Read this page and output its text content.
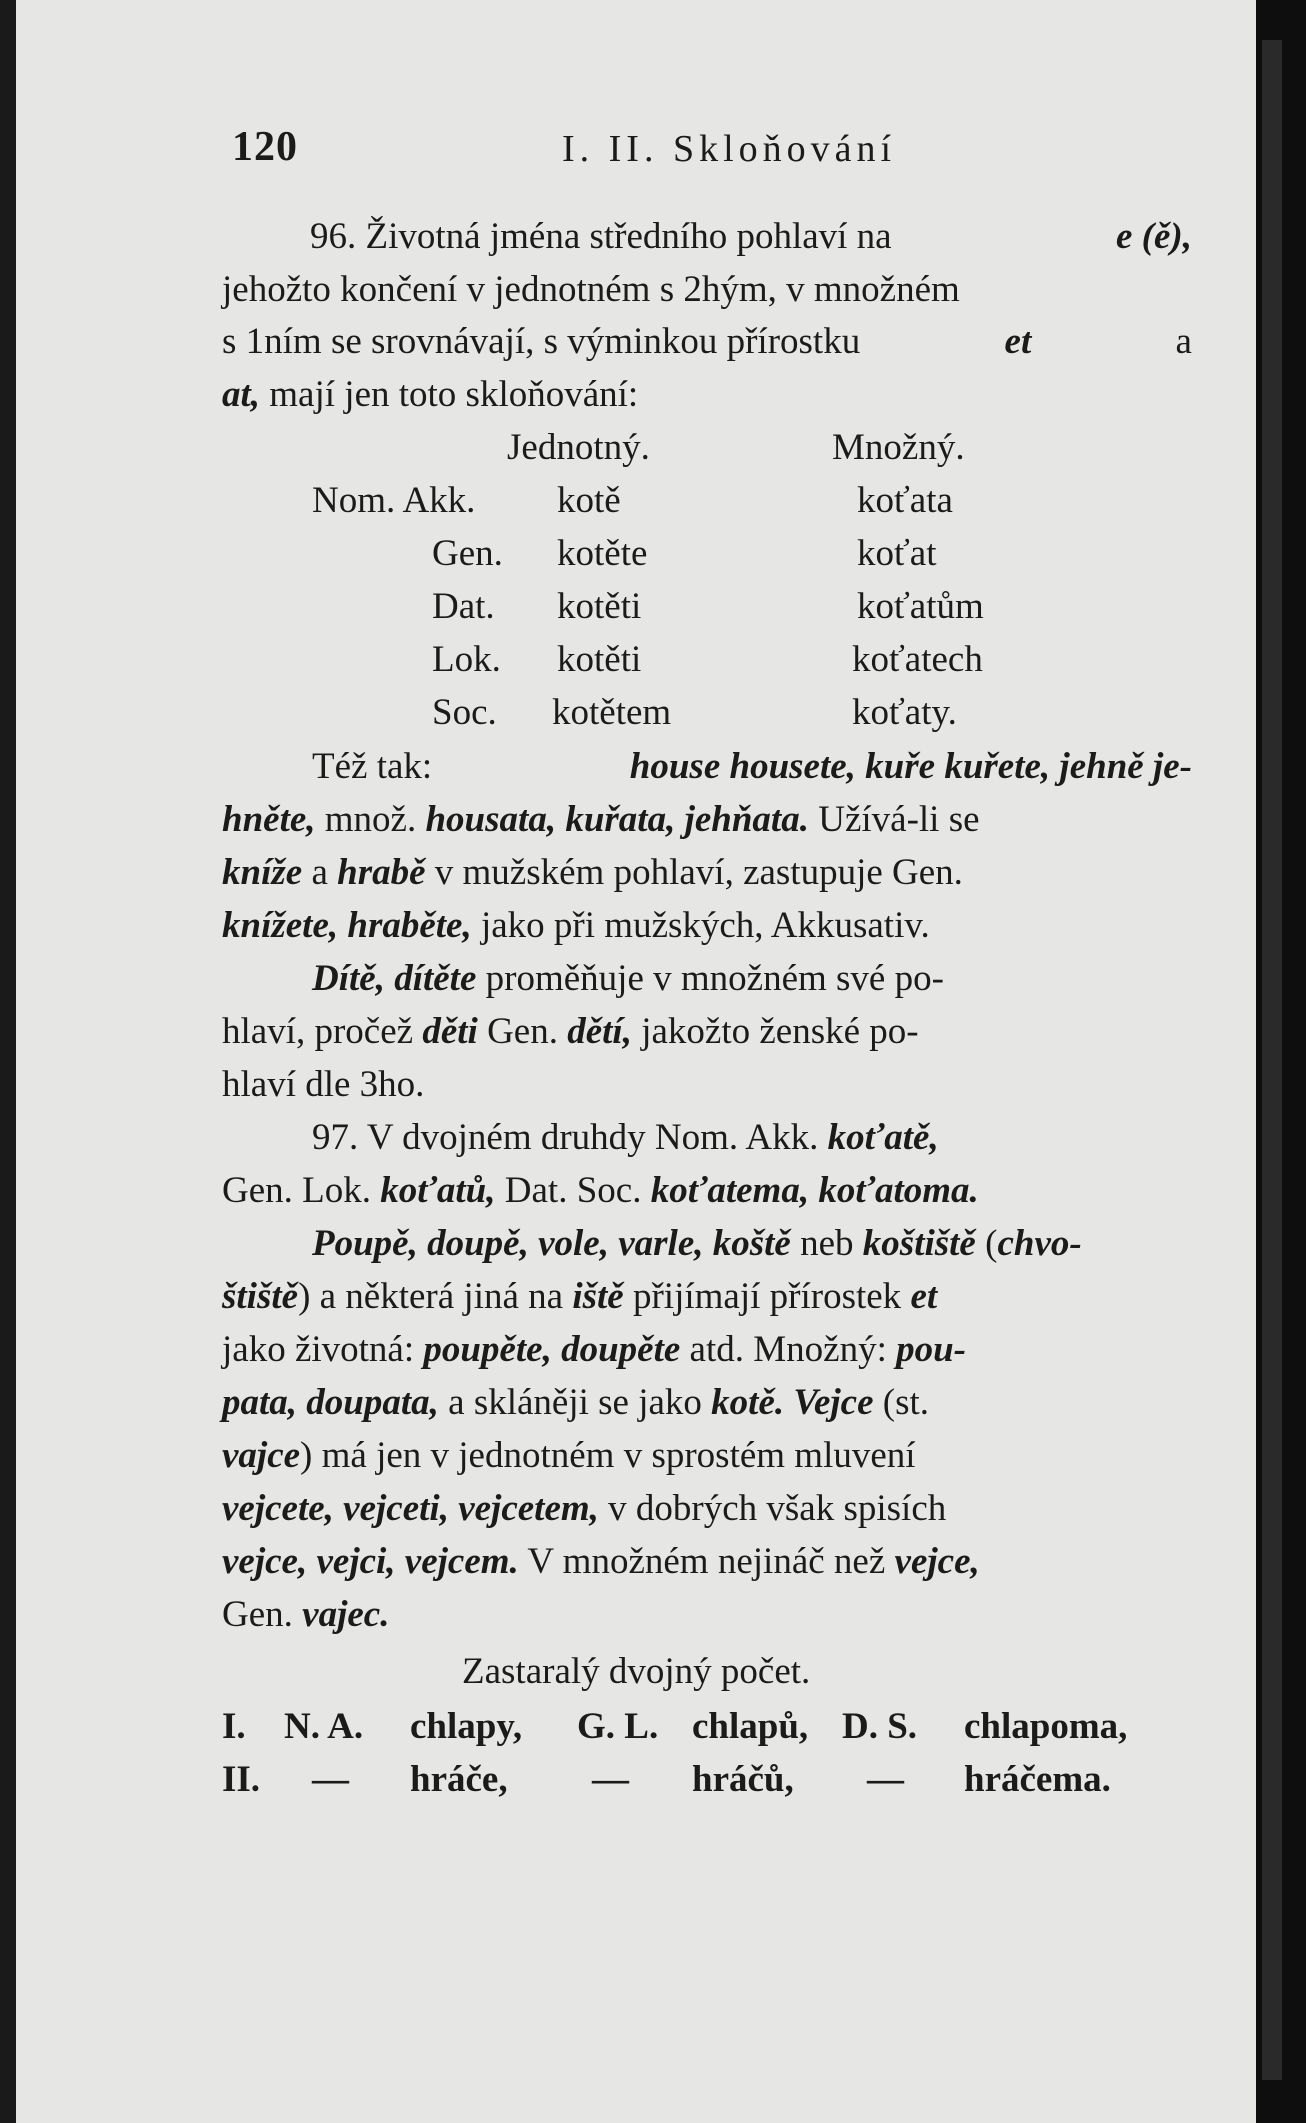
120	I. II. Skloňování
96. Životná jména středního pohlaví na	e (ě),
jehožto končení v jednotném s 2hým, v množném
s 1ním se srovnávají, s výminkou přírostku	et	a
at, mají jen toto skloňování:
Jednotný.	Množný.
Nom. Akk. kotě	koťata
Gen. kotěte	koťat
Dat. kotěti	koťatům
Lok. kotěti	koťatech
Soc. kotětem	koťaty.
Též tak:	house housete, kuře kuřete, jehně je-
hněte, množ. housata, kuřata, jehňata. Užívá-li se
kníže a hrabě v mužském pohlaví, zastupuje Gen.
knížete, hraběte, jako při mužských, Akkusativ.
Dítě, dítěte proměňuje v množném své po-
hlaví, pročež děti Gen. dětí, jakožto ženské po-
hlaví dle 3ho.
97. V dvojném druhdy Nom. Akk. koťatě,
Gen. Lok. koťatů, Dat. Soc. koťatema, koťatoma.
Poupě, doupě, vole, varle, koště neb koštiště (chvo-
štiště) a některá jiná na iště přijímají přírostek et
jako životná: poupěte, doupěte atd. Množný: pou-
pata, doupata, a skláněji se jako kotě. Vejce (st.
vajce) má jen v jednotném v sprostém mluvení
vejcete, vejceti, vejcetem, v dobrých však spisích
vejce, vejci, vejcem. V množném nejináč než vejce,
Gen. vajec.
Zastaralý dvojný počet.
I. N. A. chlapy, G. L. chlapů, D. S. chlapoma,
II. — hráče, — hráčů, — hráčema.
